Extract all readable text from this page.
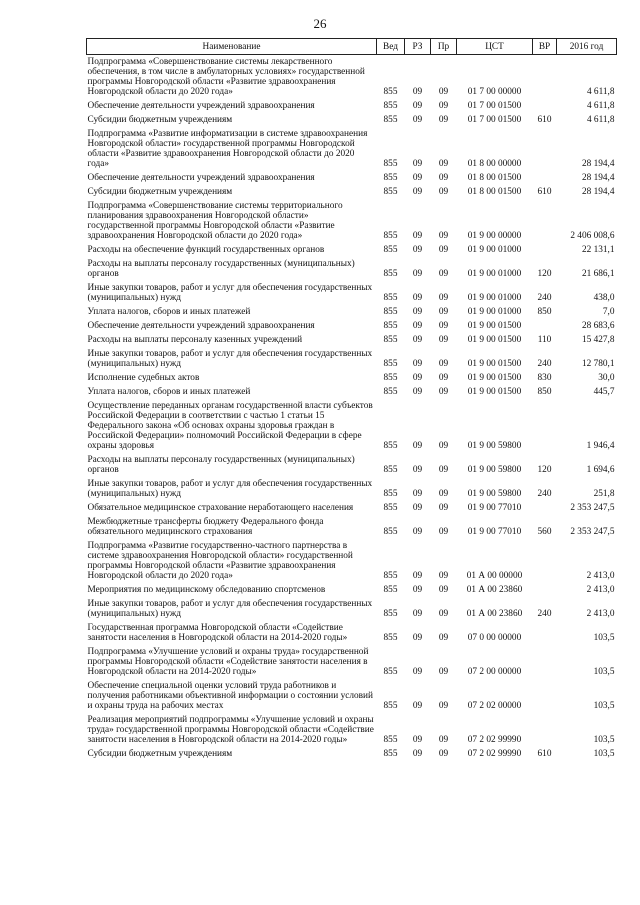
26
Наименование	Вед	РЗ	Пр	ЦСТ	ВР	2016 год
Подпрограмма «Совершенствование системы лекарственного обеспечения, в том числе в амбулаторных условиях» государственной программы Новгородской области «Развитие здравоохранения Новгородской области до 2020 года»	855	09	09	01 7 00 00000		4 611,8
Обеспечение деятельности учреждений здравоохранения	855	09	09	01 7 00 01500		4 611,8
Субсидии бюджетным учреждениям	855	09	09	01 7 00 01500	610	4 611,8
Подпрограмма «Развитие информатизации в системе здравоохранения Новгородской области» государственной программы Новгородской области «Развитие здравоохранения Новгородской области до 2020 года»	855	09	09	01 8 00 00000		28 194,4
Обеспечение деятельности учреждений здравоохранения	855	09	09	01 8 00 01500		28 194,4
Субсидии бюджетным учреждениям	855	09	09	01 8 00 01500	610	28 194,4
Подпрограмма «Совершенствование системы территориального планирования здравоохранения Новгородской области» государственной программы Новгородской области «Развитие здравоохранения Новгородской области до 2020 года»	855	09	09	01 9 00 00000		2 406 008,6
Расходы на обеспечение функций государственных органов	855	09	09	01 9 00 01000		22 131,1
Расходы на выплаты персоналу государственных (муниципальных) органов	855	09	09	01 9 00 01000	120	21 686,1
Иные закупки товаров, работ и услуг для обеспечения государственных (муниципальных) нужд	855	09	09	01 9 00 01000	240	438,0
Уплата налогов, сборов и иных платежей	855	09	09	01 9 00 01000	850	7,0
Обеспечение деятельности учреждений здравоохранения	855	09	09	01 9 00 01500		28 683,6
Расходы на выплаты персоналу казенных учреждений	855	09	09	01 9 00 01500	110	15 427,8
Иные закупки товаров, работ и услуг для обеспечения государственных (муниципальных) нужд	855	09	09	01 9 00 01500	240	12 780,1
Исполнение судебных актов	855	09	09	01 9 00 01500	830	30,0
Уплата налогов, сборов и иных платежей	855	09	09	01 9 00 01500	850	445,7
Осуществление переданных органам государственной власти субъектов Российской Федерации в соответствии с частью 1 статьи 15 Федерального закона «Об основах охраны здоровья граждан в Российской Федерации» полномочий Российской Федерации в сфере охраны здоровья	855	09	09	01 9 00 59800		1 946,4
Расходы на выплаты персоналу государственных (муниципальных) органов	855	09	09	01 9 00 59800	120	1 694,6
Иные закупки товаров, работ и услуг для обеспечения государственных (муниципальных) нужд	855	09	09	01 9 00 59800	240	251,8
Обязательное медицинское страхование неработающего населения	855	09	09	01 9 00 77010		2 353 247,5
Межбюджетные трансферты бюджету Федерального фонда обязательного медицинского страхования	855	09	09	01 9 00 77010	560	2 353 247,5
Подпрограмма «Развитие государственно-частного партнерства в системе здравоохранения Новгородской области» государственной программы Новгородской области «Развитие здравоохранения Новгородской области до 2020 года»	855	09	09	01 А 00 00000		2 413,0
Мероприятия по медицинскому обследованию спортсменов	855	09	09	01 А 00 23860		2 413,0
Иные закупки товаров, работ и услуг для обеспечения государственных (муниципальных) нужд	855	09	09	01 А 00 23860	240	2 413,0
Государственная программа Новгородской области «Содействие занятости населения в Новгородской области на 2014-2020 годы»	855	09	09	07 0 00 00000		103,5
Подпрограмма «Улучшение условий и охраны труда» государственной программы Новгородской области «Содействие занятости населения в Новгородской области на 2014-2020 годы»	855	09	09	07 2 00 00000		103,5
Обеспечение специальной оценки условий труда работников и получения работниками объективной информации о состоянии условий и охраны труда на рабочих местах	855	09	09	07 2 02 00000		103,5
Реализация мероприятий подпрограммы «Улучшение условий и охраны труда» государственной программы Новгородской области «Содействие занятости населения в Новгородской области на 2014-2020 годы»	855	09	09	07 2 02 99990		103,5
Субсидии бюджетным учреждениям	855	09	09	07 2 02 99990	610	103,5
